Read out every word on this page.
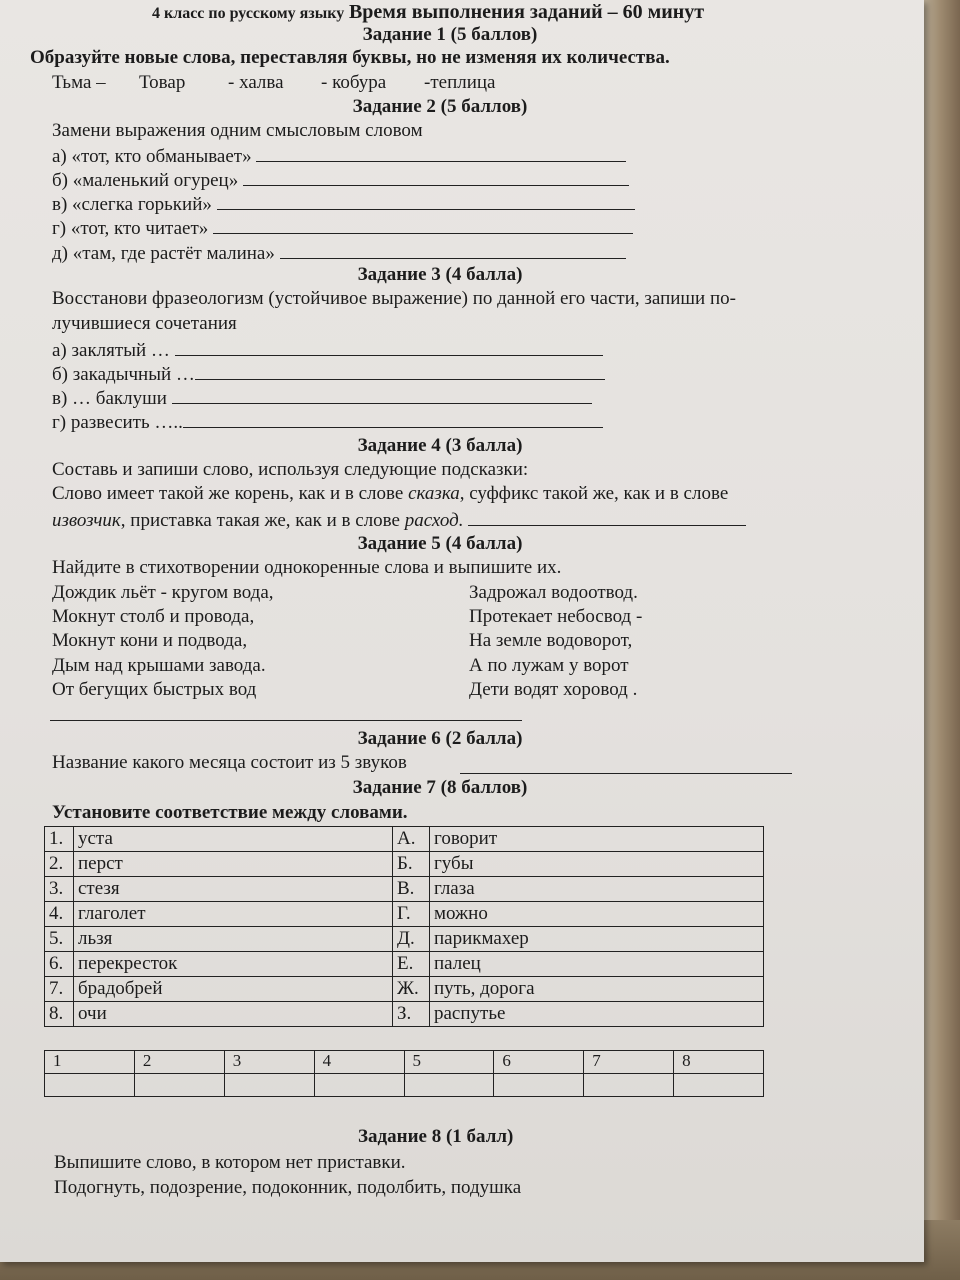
4 класс по русскому языку Время выполнения заданий – 60 минут
Задание 1 (5 баллов)
Образуйте новые слова, переставляя буквы, но не изменяя их количества.
Тьма – Товар - халва - кобура -теплица
Задание 2 (5 баллов)
Замени выражения одним смысловым словом
а) «тот, кто обманывает»
б) «маленький огурец»
в) «слегка горький»
г) «тот, кто читает»
д) «там, где растёт малина»
Задание 3 (4 балла)
Восстанови фразеологизм (устойчивое выражение) по данной его части, запиши по-
лучившиеся сочетания
а) заклятый …
б) закадычный …
в) … баклуши
г) развесить …..
Задание 4 (3 балла)
Составь и запиши слово, используя следующие подсказки:
Слово имеет такой же корень, как и в слове сказка, суффикс такой же, как и в слове
извозчик, приставка такая же, как и в слове расход.
Задание 5 (4 балла)
Найдите в стихотворении однокоренные слова и выпишите их.
Дождик льёт - кругом вода,
Мокнут столб и провода,
Мокнут кони и подвода,
Дым над крышами завода.
От бегущих быстрых вод
Задрожал водоотвод.
Протекает небосвод -
На земле водоворот,
А по лужам у ворот
Дети водят хоровод .
Задание 6 (2 балла)
Название какого месяца состоит из 5 звуков
Задание 7 (8 баллов)
Установите соответствие между словами.
1.	уста	А.	говорит
2.	перст	Б.	губы
3.	стезя	В.	глаза
4.	глаголет	Г.	можно
5.	льзя	Д.	парикмахер
6.	перекресток	Е.	палец
7.	брадобрей	Ж.	путь, дорога
8.	очи	З.	распутье
1	2	3	4	5	6	7	8

Задание 8 (1 балл)
Выпишите слово, в котором нет приставки.
Подогнуть, подозрение, подоконник, подолбить, подушка
